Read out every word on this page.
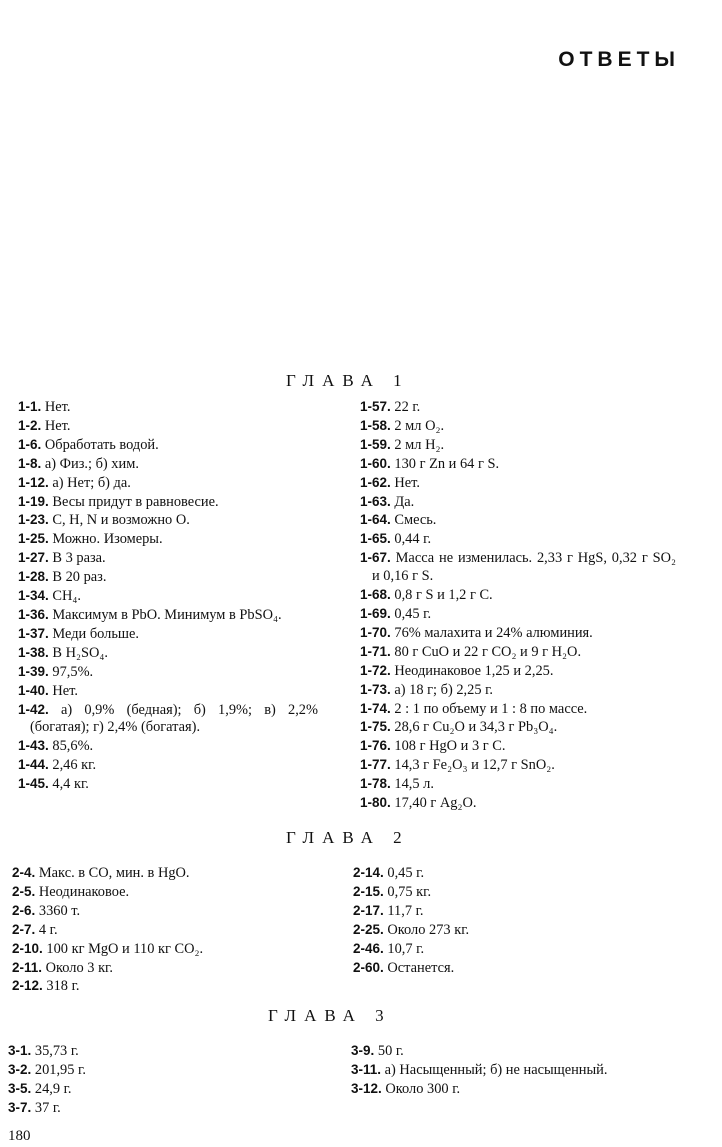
ОТВЕТЫ
ГЛАВА 1

1-1. Нет.

1-2. Нет.

1-6. Обработать водой.

1-8. а) Физ.; б) хим.

1-12. а) Нет; б) да.

1-19. Весы придут в равновесие.

1-23. C, H, N и возможно O.

1-25. Можно. Изомеры.

1-27. В 3 раза.

1-28. В 20 раз.

1-34. CH₄.

1-36. Максимум в PbO. Минимум в PbSO₄.

1-37. Меди больше.

1-38. В H₂SO₄.

1-39. 97,5%.

1-40. Нет.

1-42. а) 0,9% (бедная); б) 1,9%; в) 2,2% (богатая); г) 2,4% (богатая).

1-43. 85,6%.

1-44. 2,46 кг.

1-45. 4,4 кг.

1-57. 22 г.

1-58. 2 мл O₂.

1-59. 2 мл H₂.

1-60. 130 г Zn и 64 г S.

1-62. Нет.

1-63. Да.

1-64. Смесь.

1-65. 0,44 г.

1-67. Масса не изменилась. 2,33 г HgS, 0,32 г SO₂ и 0,16 г S.

1-68. 0,8 г S и 1,2 г C.

1-69. 0,45 г.

1-70. 76% малахита и 24% алюминия.

1-71. 80 г CuO и 22 г CO₂ и 9 г H₂O.

1-72. Неодинаковое 1,25 и 2,25.

1-73. а) 18 г; б) 2,25 г.

1-74. 2 : 1 по объему и 1 : 8 по массе.

1-75. 28,6 г Cu₂O и 34,3 г Pb₃O₄.

1-76. 108 г HgO и 3 г C.

1-77. 14,3 г Fe₂O₃ и 12,7 г SnO₂.

1-78. 14,5 л.

1-80. 17,40 г Ag₂O.

ГЛАВА 2

2-4. Макс. в CO, мин. в HgO.

2-5. Неодинаковое.

2-6. 3360 т.

2-7. 4 г.

2-10. 100 кг MgO и 110 кг CO₂.

2-11. Около 3 кг.

2-12. 318 г.

2-14. 0,45 г.

2-15. 0,75 кг.

2-17. 11,7 г.

2-25. Около 273 кг.

2-46. 10,7 г.

2-60. Останется.

ГЛАВА 3

3-1. 35,73 г.

3-2. 201,95 г.

3-5. 24,9 г.

3-7. 37 г.

3-9. 50 г.

3-11. а) Насыщенный; б) не насыщенный.

3-12. Около 300 г.

180
